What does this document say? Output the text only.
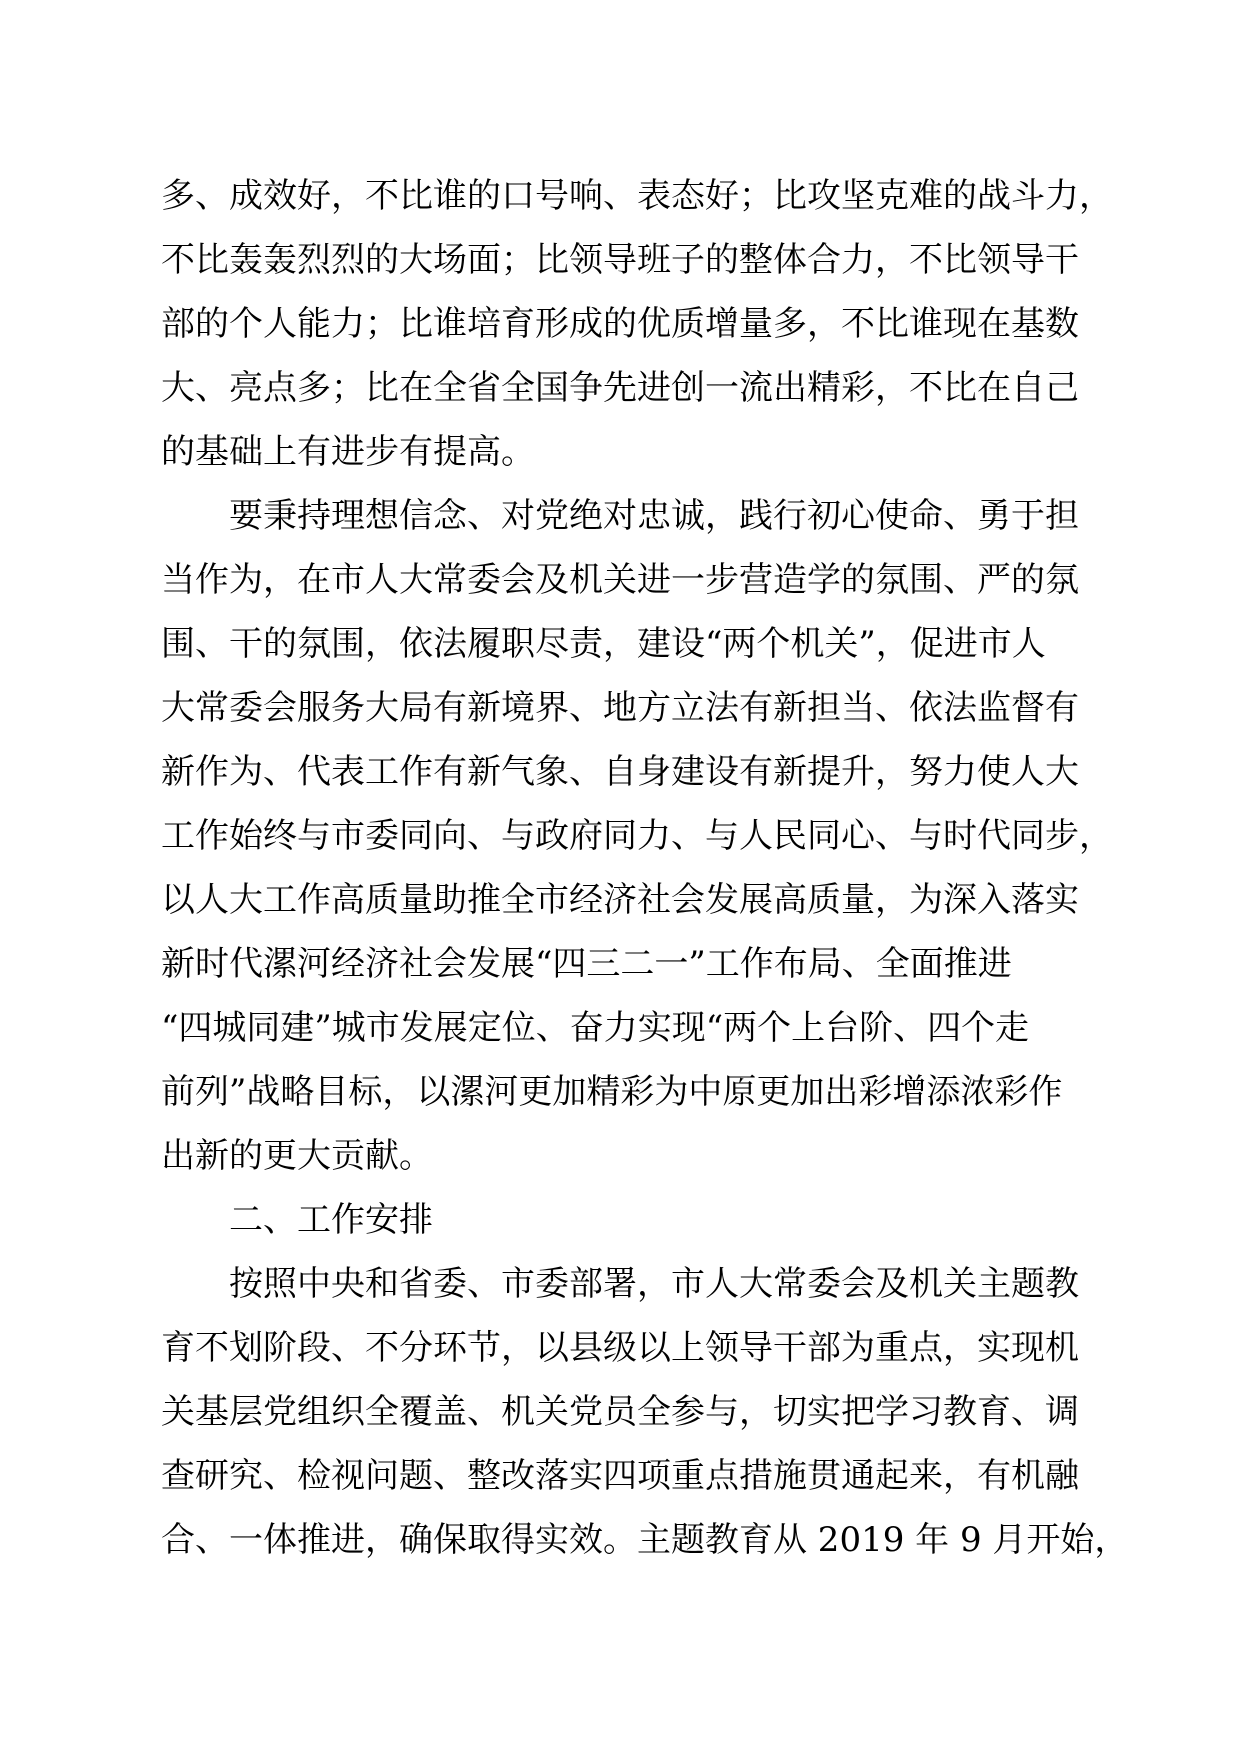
多、成效好，不比谁的口号响、表态好；比攻坚克难的战斗力，
不比轰轰烈烈的大场面；比领导班子的整体合力，不比领导干
部的个人能力；比谁培育形成的优质增量多，不比谁现在基数
大、亮点多；比在全省全国争先进创一流出精彩，不比在自己
的基础上有进步有提高。
　　要秉持理想信念、对党绝对忠诚，践行初心使命、勇于担
当作为，在市人大常委会及机关进一步营造学的氛围、严的氛
围、干的氛围，依法履职尽责，建设“两个机关”，促进市人
大常委会服务大局有新境界、地方立法有新担当、依法监督有
新作为、代表工作有新气象、自身建设有新提升，努力使人大
工作始终与市委同向、与政府同力、与人民同心、与时代同步，
以人大工作高质量助推全市经济社会发展高质量，为深入落实
新时代漯河经济社会发展“四三二一”工作布局、全面推进
“四城同建”城市发展定位、奋力实现“两个上台阶、四个走
前列”战略目标，以漯河更加精彩为中原更加出彩增添浓彩作
出新的更大贡献。
　　二、工作安排
　　按照中央和省委、市委部署，市人大常委会及机关主题教
育不划阶段、不分环节，以县级以上领导干部为重点，实现机
关基层党组织全覆盖、机关党员全参与，切实把学习教育、调
查研究、检视问题、整改落实四项重点措施贯通起来，有机融
合、一体推进，确保取得实效。主题教育从 2019 年 9 月开始，
